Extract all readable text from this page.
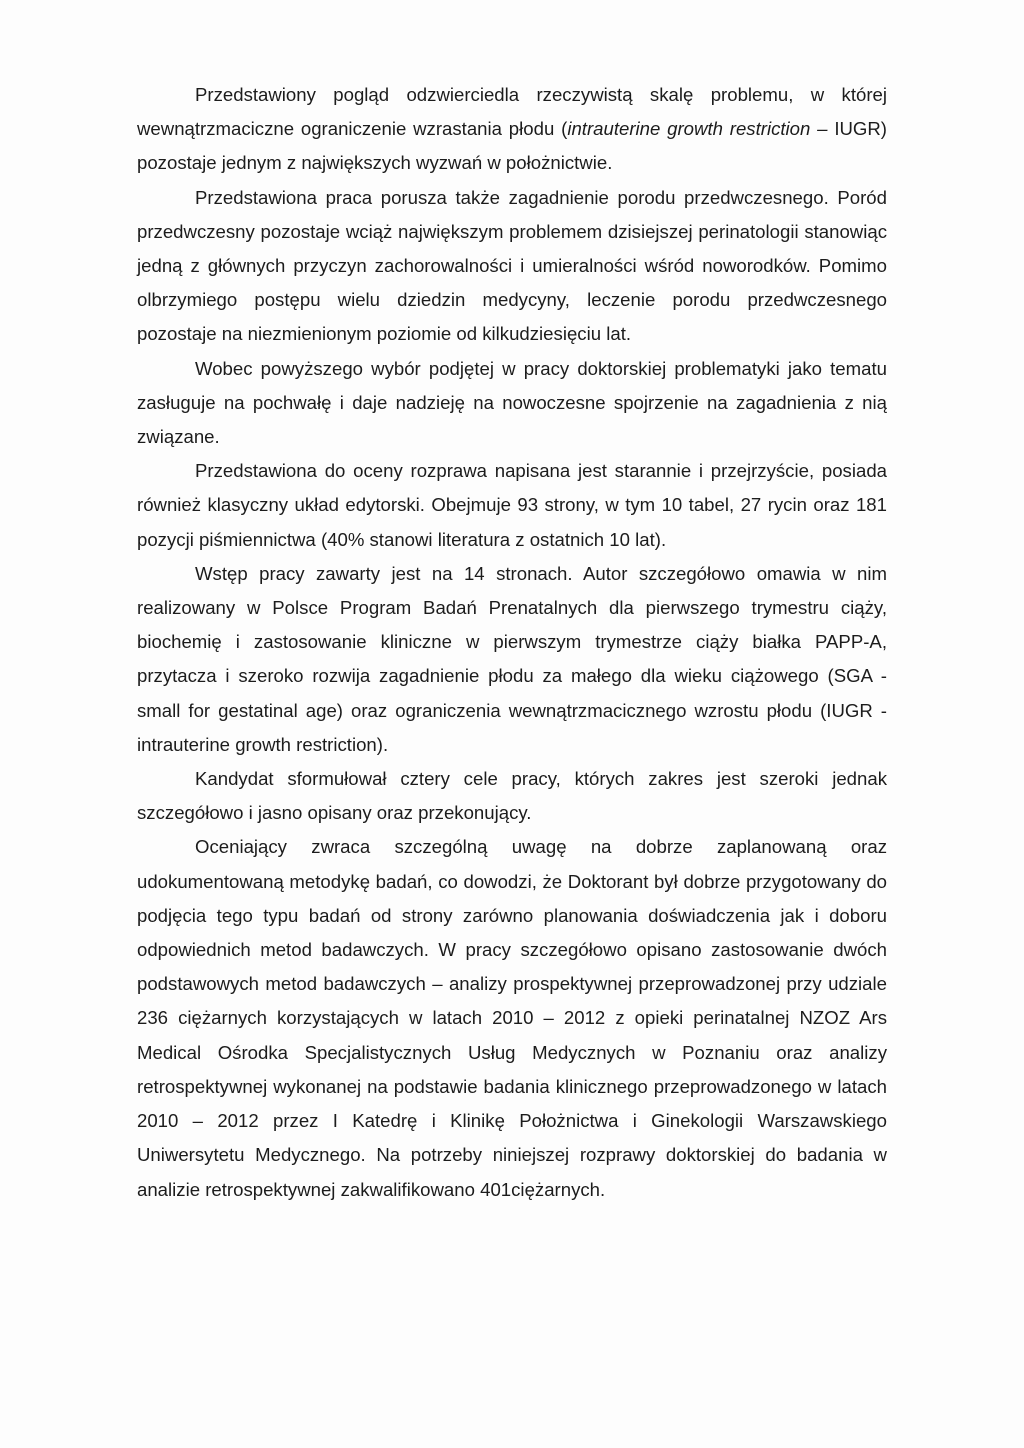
Przedstawiony pogląd odzwierciedla rzeczywistą skalę problemu, w której wewnątrzmaciczne ograniczenie wzrastania płodu (intrauterine growth restriction – IUGR) pozostaje jednym z największych wyzwań w położnictwie.

Przedstawiona praca porusza także zagadnienie porodu przedwczesnego. Poród przedwczesny pozostaje wciąż największym problemem dzisiejszej perinatologii stanowiąc jedną z głównych przyczyn zachorowalności i umieralności wśród noworodków. Pomimo olbrzymiego postępu wielu dziedzin medycyny, leczenie porodu przedwczesnego pozostaje na niezmienionym poziomie od kilkudziesięciu lat.

Wobec powyższego wybór podjętej w pracy doktorskiej problematyki jako tematu zasługuje na pochwałę i daje nadzieję na nowoczesne spojrzenie na zagadnienia z nią związane.

Przedstawiona do oceny rozprawa napisana jest starannie i przejrzyście, posiada również klasyczny układ edytorski. Obejmuje 93 strony, w tym 10 tabel, 27 rycin oraz 181 pozycji piśmiennictwa (40% stanowi literatura z ostatnich 10 lat).

Wstęp pracy zawarty jest na 14 stronach. Autor szczegółowo omawia w nim realizowany w Polsce Program Badań Prenatalnych dla pierwszego trymestru ciąży, biochemię i zastosowanie kliniczne w pierwszym trymestrze ciąży białka PAPP-A, przytacza i szeroko rozwija zagadnienie płodu za małego dla wieku ciążowego (SGA - small for gestatinal age) oraz ograniczenia wewnątrzmacicznego wzrostu płodu (IUGR - intrauterine growth restriction).

Kandydat sformułował cztery cele pracy, których zakres jest szeroki jednak szczegółowo i jasno opisany oraz przekonujący.

Oceniający zwraca szczególną uwagę na dobrze zaplanowaną oraz udokumentowaną metodykę badań, co dowodzi, że Doktorant był dobrze przygotowany do podjęcia tego typu badań od strony zarówno planowania doświadczenia jak i doboru odpowiednich metod badawczych. W pracy szczegółowo opisano zastosowanie dwóch podstawowych metod badawczych – analizy prospektywnej przeprowadzonej przy udziale 236 ciężarnych korzystających w latach 2010 – 2012 z opieki perinatalnej NZOZ Ars Medical Ośrodka Specjalistycznych Usług Medycznych w Poznaniu oraz analizy retrospektywnej wykonanej na podstawie badania klinicznego przeprowadzonego w latach 2010 – 2012 przez I Katedrę i Klinikę Położnictwa i Ginekologii Warszawskiego Uniwersytetu Medycznego. Na potrzeby niniejszej rozprawy doktorskiej do badania w analizie retrospektywnej zakwalifikowano 401ciężarnych.
